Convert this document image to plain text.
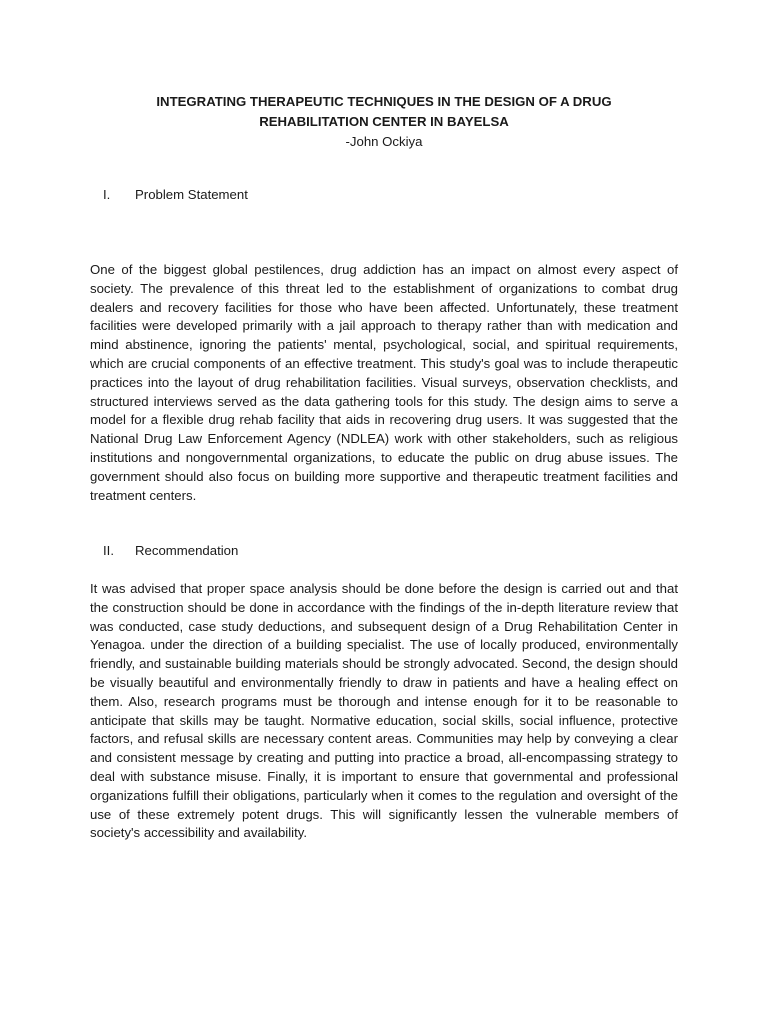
INTEGRATING THERAPEUTIC TECHNIQUES IN THE DESIGN OF A DRUG
REHABILITATION CENTER IN BAYELSA
-John Ockiya
I. Problem Statement
One of the biggest global pestilences, drug addiction has an impact on almost every aspect of society. The prevalence of this threat led to the establishment of organizations to combat drug dealers and recovery facilities for those who have been affected. Unfortunately, these treatment facilities were developed primarily with a jail approach to therapy rather than with medication and mind abstinence, ignoring the patients' mental, psychological, social, and spiritual requirements, which are crucial components of an effective treatment. This study's goal was to include therapeutic practices into the layout of drug rehabilitation facilities. Visual surveys, observation checklists, and structured interviews served as the data gathering tools for this study. The design aims to serve a model for a flexible drug rehab facility that aids in recovering drug users. It was suggested that the National Drug Law Enforcement Agency (NDLEA) work with other stakeholders, such as religious institutions and nongovernmental organizations, to educate the public on drug abuse issues. The government should also focus on building more supportive and therapeutic treatment facilities and treatment centers.
II. Recommendation
It was advised that proper space analysis should be done before the design is carried out and that the construction should be done in accordance with the findings of the in-depth literature review that was conducted, case study deductions, and subsequent design of a Drug Rehabilitation Center in Yenagoa. under the direction of a building specialist. The use of locally produced, environmentally friendly, and sustainable building materials should be strongly advocated. Second, the design should be visually beautiful and environmentally friendly to draw in patients and have a healing effect on them. Also, research programs must be thorough and intense enough for it to be reasonable to anticipate that skills may be taught. Normative education, social skills, social influence, protective factors, and refusal skills are necessary content areas. Communities may help by conveying a clear and consistent message by creating and putting into practice a broad, all-encompassing strategy to deal with substance misuse. Finally, it is important to ensure that governmental and professional organizations fulfill their obligations, particularly when it comes to the regulation and oversight of the use of these extremely potent drugs. This will significantly lessen the vulnerable members of society's accessibility and availability.
